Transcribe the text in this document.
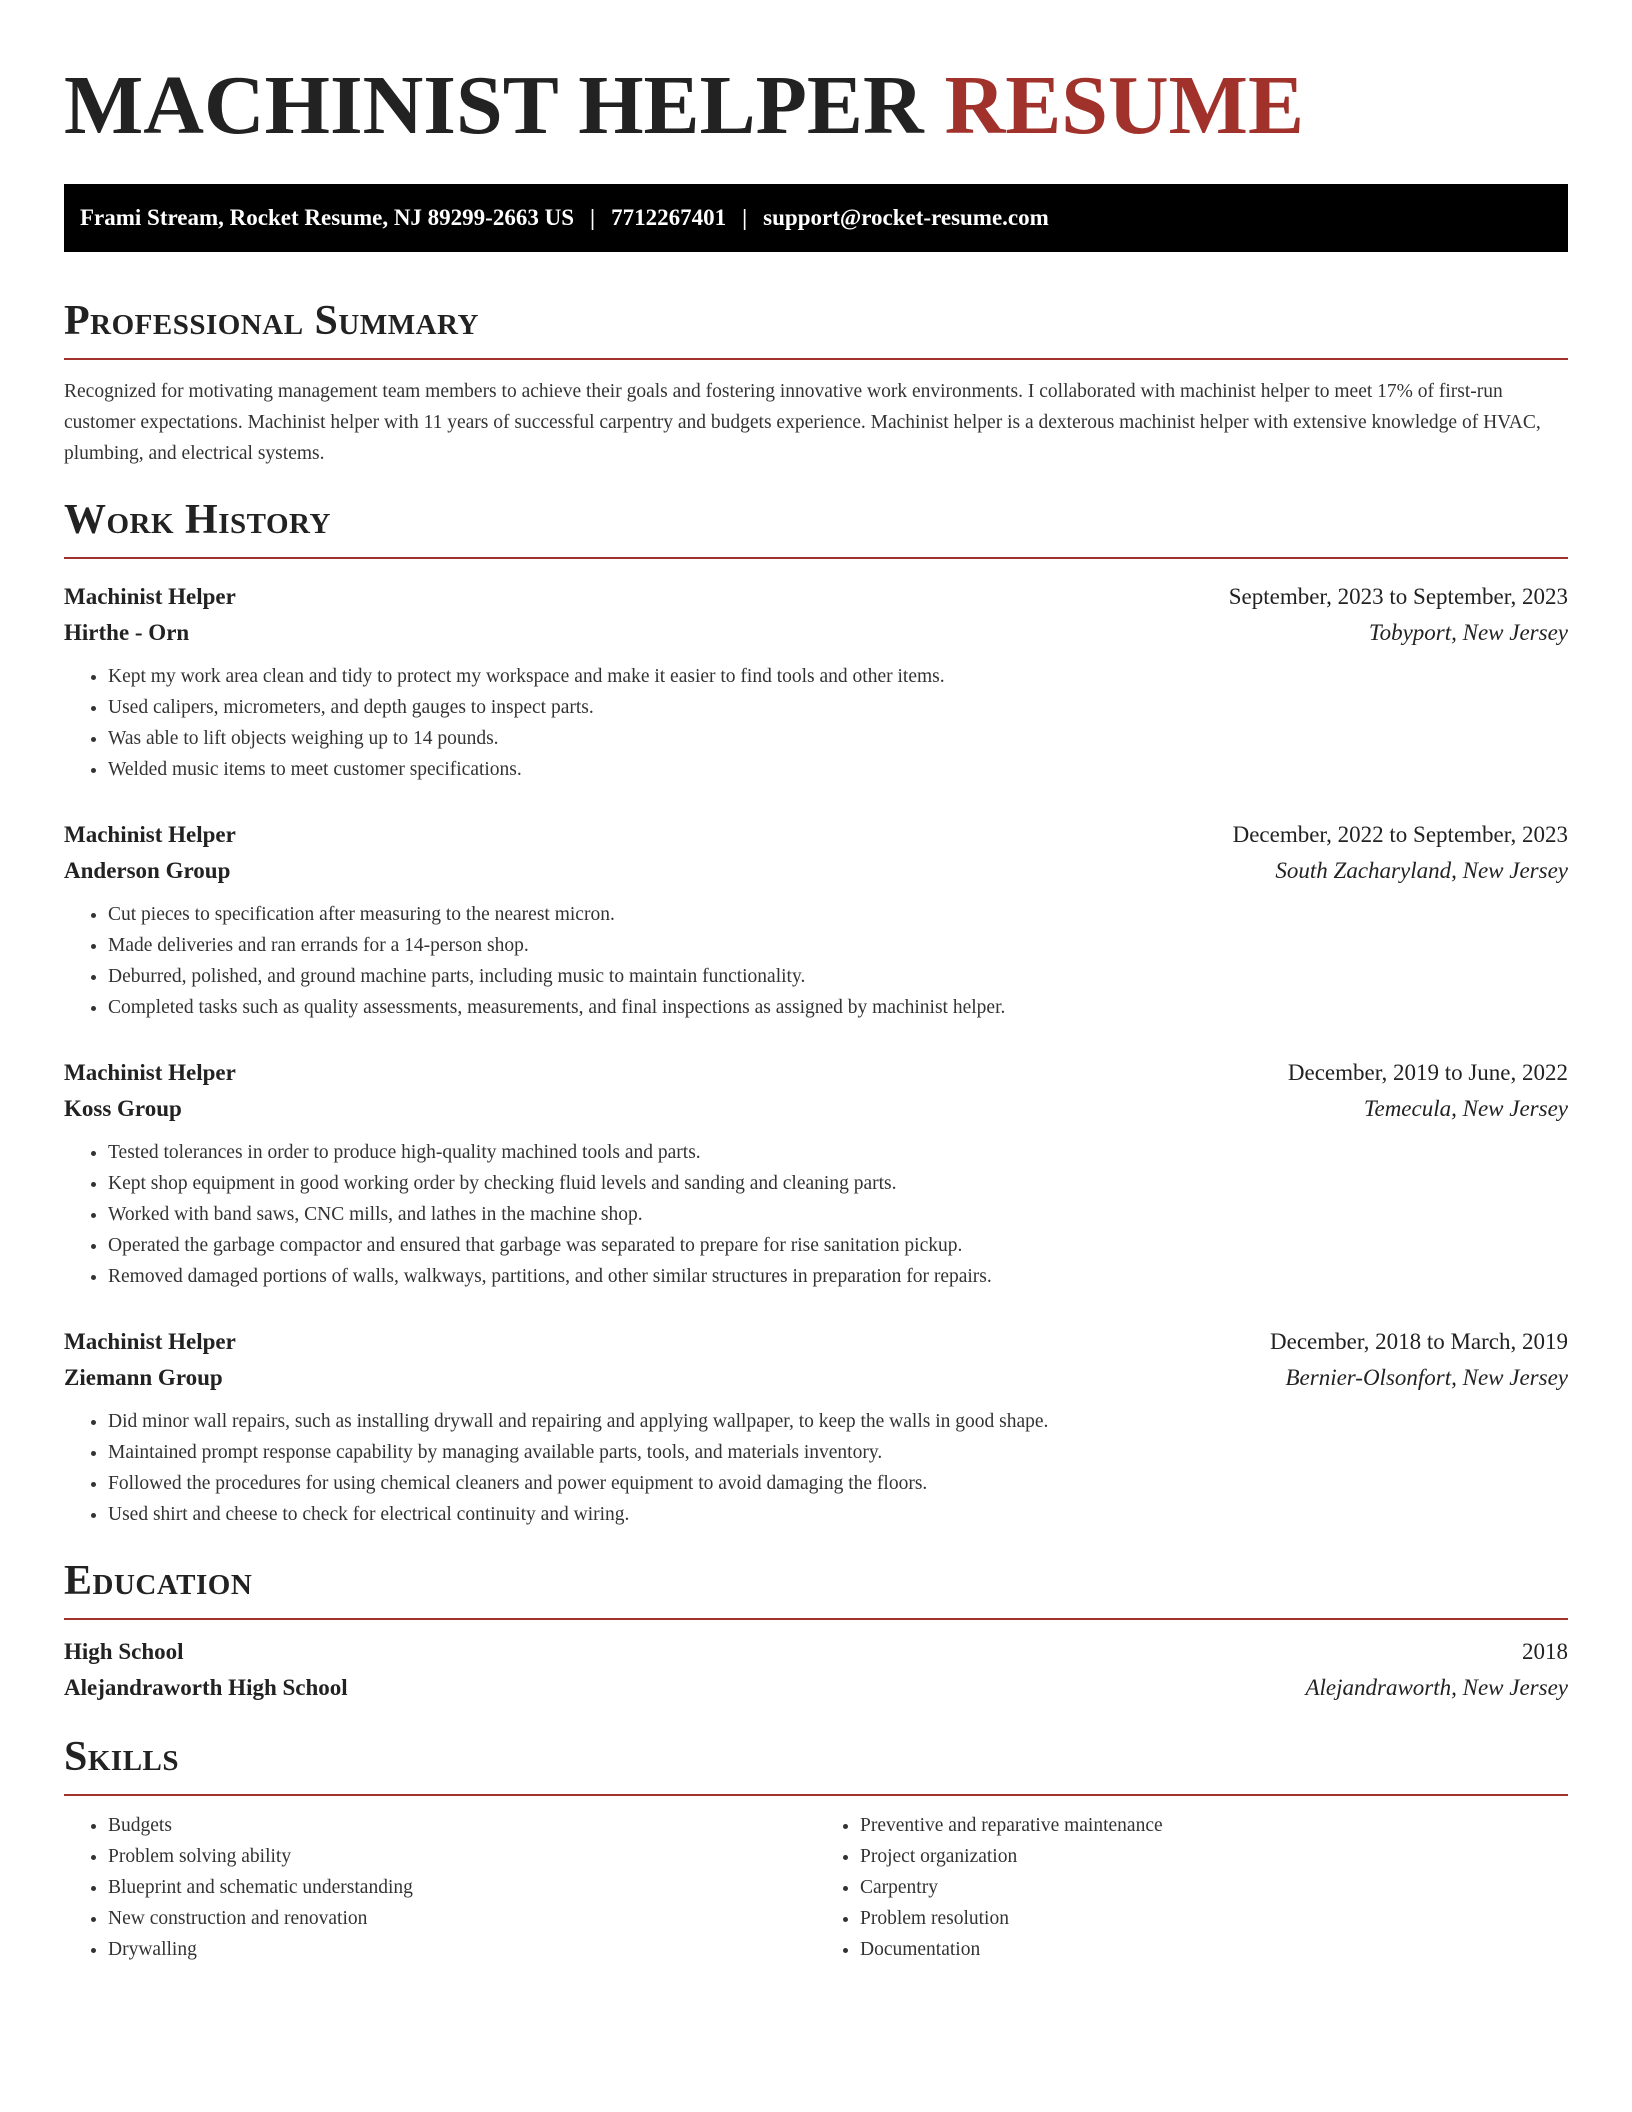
MACHINIST HELPER RESUME
Frami Stream, Rocket Resume, NJ 89299-2663 US | 7712267401 | support@rocket-resume.com
Professional Summary

Recognized for motivating management team members to achieve their goals and fostering innovative work environments. I collaborated with machinist helper to meet 17% of first-run customer expectations. Machinist helper with 11 years of successful carpentry and budgets experience. Machinist helper is a dexterous machinist helper with extensive knowledge of HVAC, plumbing, and electrical systems.

Work History
Machinist Helper	September, 2023 to September, 2023
Hirthe - Orn	Tobyport, New Jersey
• Kept my work area clean and tidy to protect my workspace and make it easier to find tools and other items.
• Used calipers, micrometers, and depth gauges to inspect parts.
• Was able to lift objects weighing up to 14 pounds.
• Welded music items to meet customer specifications.
Machinist Helper	December, 2022 to September, 2023
Anderson Group	South Zacharyland, New Jersey
• Cut pieces to specification after measuring to the nearest micron.
• Made deliveries and ran errands for a 14-person shop.
• Deburred, polished, and ground machine parts, including music to maintain functionality.
• Completed tasks such as quality assessments, measurements, and final inspections as assigned by machinist helper.
Machinist Helper	December, 2019 to June, 2022
Koss Group	Temecula, New Jersey
• Tested tolerances in order to produce high-quality machined tools and parts.
• Kept shop equipment in good working order by checking fluid levels and sanding and cleaning parts.
• Worked with band saws, CNC mills, and lathes in the machine shop.
• Operated the garbage compactor and ensured that garbage was separated to prepare for rise sanitation pickup.
• Removed damaged portions of walls, walkways, partitions, and other similar structures in preparation for repairs.
Machinist Helper	December, 2018 to March, 2019
Ziemann Group	Bernier-Olsonfort, New Jersey
• Did minor wall repairs, such as installing drywall and repairing and applying wallpaper, to keep the walls in good shape.
• Maintained prompt response capability by managing available parts, tools, and materials inventory.
• Followed the procedures for using chemical cleaners and power equipment to avoid damaging the floors.
• Used shirt and cheese to check for electrical continuity and wiring.
Education
High School	2018
Alejandraworth High School	Alejandraworth, New Jersey
Skills
• Budgets
• Problem solving ability
• Blueprint and schematic understanding
• New construction and renovation
• Drywalling
• Preventive and reparative maintenance
• Project organization
• Carpentry
• Problem resolution
• Documentation
